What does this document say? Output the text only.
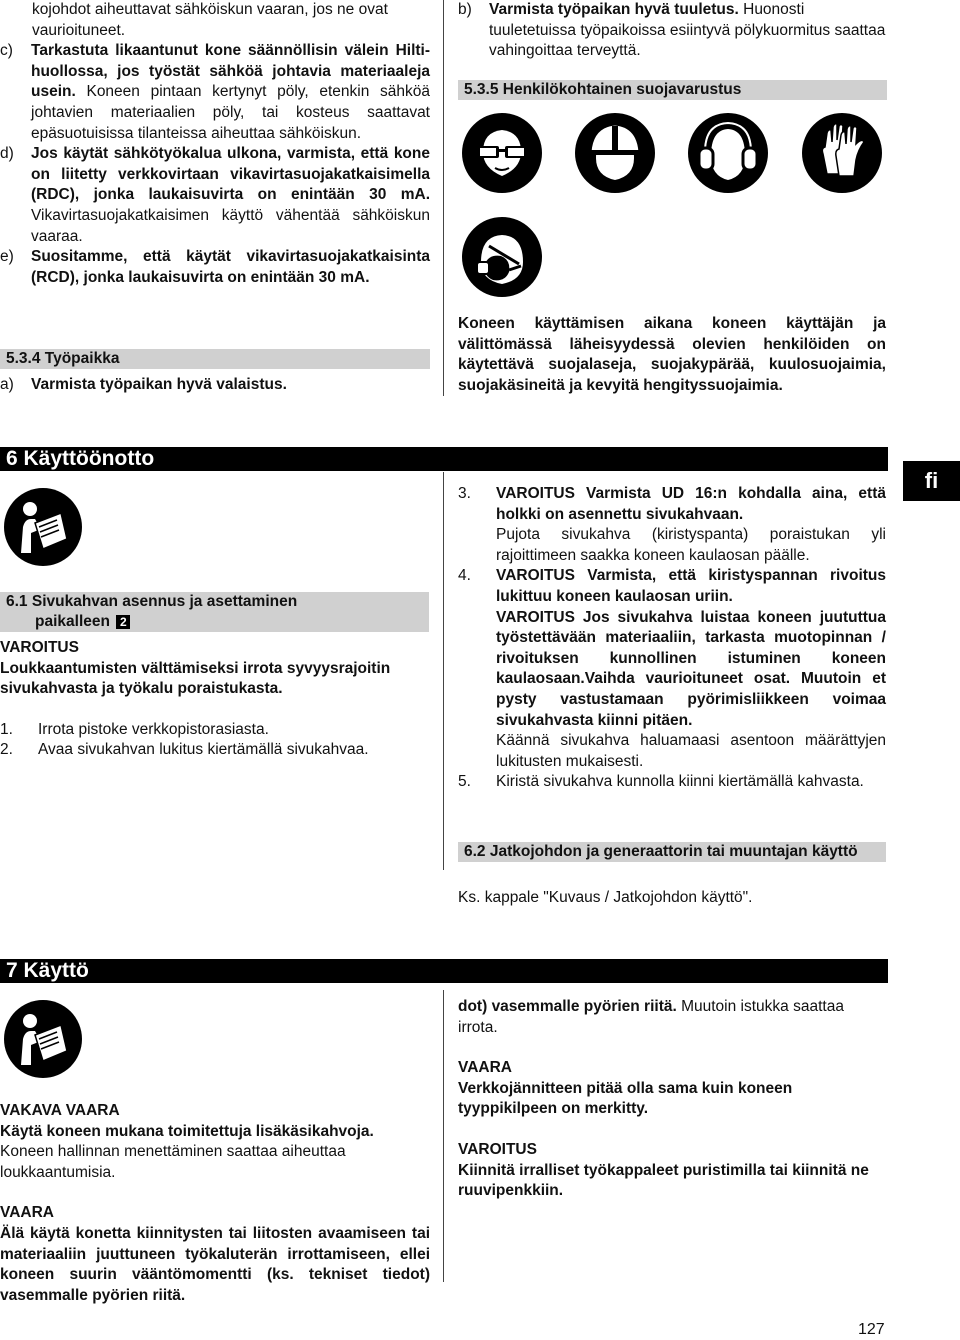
kojohdot aiheuttavat sähköiskun vaaran, jos ne ovat vaurioituneet.

c)	Tarkastuta likaantunut kone säännöllisin välein Hilti-huollossa, jos työstät sähköä johtavia materiaaleja usein. Koneen pintaan kertynyt pöly, etenkin sähköä johtavien materiaalien pöly, tai kosteus saattavat epäsuotuisissa tilanteissa aiheuttaa sähköiskun.
d)	Jos käytät sähkötyökalua ulkona, varmista, että kone on liitetty verkkovirtaan vikavirtasuojakatkaisimella (RDC), jonka laukaisuvirta on enintään 30 mA. Vikavirtasuojakatkaisimen käyttö vähentää sähköiskun vaaraa.
e)	Suositamme, että käytät vikavirtasuojakatkaisinta (RCD), jonka laukaisuvirta on enintään 30 mA.
5.3.4 Työpaikka
a)	Varmista työpaikan hyvä valaistus.
b)	Varmista työpaikan hyvä tuuletus. Huonosti tuuletetuissa työpaikoissa esiintyvä pölykuormitus saattaa vahingoittaa terveyttä.
5.3.5 Henkilökohtainen suojavarustus

Koneen käyttämisen aikana koneen käyttäjän ja välittömässä läheisyydessä olevien henkilöiden on käytettävä suojalaseja, suojakypärää, kuulosuojaimia, suojakäsineitä ja kevyitä hengityssuojaimia.

6 Käyttöönotto
fi
6.1 Sivukahvan asennus ja asettaminen
paikalleen 2

VAROITUS

Loukkaantumisten välttämiseksi irrota syvyysrajoitin sivukahvasta ja työkalu poraistukasta.

1.	Irrota pistoke verkkopistorasiasta.
2.	Avaa sivukahvan lukitus kiertämällä sivukahvaa.
3.	VAROITUS Varmista UD 16:n kohdalla aina, että holkki on asennettu sivukahvaan.
Pujota sivukahva (kiristyspanta) poraistukan yli rajoittimeen saakka koneen kaulaosan päälle.
4.	VAROITUS Varmista, että kiristyspannan rivoitus lukittuu koneen kaulaosan uriin.
VAROITUS Jos sivukahva luistaa koneen juututtua työstettävään materiaaliin, tarkasta muotopinnan / rivoituksen kunnollinen istuminen koneen kaulaosaan.Vaihda vaurioituneet osat. Muutoin et pysty vastustamaan pyörimisliikkeen voimaa sivukahvasta kiinni pitäen.
Käännä sivukahva haluamaasi asentoon määrättyjen lukitusten mukaisesti.
5.	Kiristä sivukahva kunnolla kiinni kiertämällä kahvasta.
6.2 Jatkojohdon ja generaattorin tai muuntajan käyttö

Ks. kappale "Kuvaus / Jatkojohdon käyttö".

7 Käyttö

VAKAVA VAARA

Käytä koneen mukana toimitettuja lisäkäsikahvoja.

Koneen hallinnan menettäminen saattaa aiheuttaa loukkaantumisia.

VAARA

Älä käytä konetta kiinnitysten tai liitosten avaamiseen tai materiaaliin juuttuneen työkaluterän irrottamiseen, ellei koneen suurin vääntömomentti (ks. tekniset tiedot) vasemmalle pyörien riitä.

dot) vasemmalle pyörien riitä. Muutoin istukka saattaa irrota.

VAARA

Verkkojännitteen pitää olla sama kuin koneen tyyppikilpeen on merkitty.

VAROITUS

Kiinnitä irralliset työkappaleet puristimilla tai kiinnitä ne ruuvipenkkiin.

127
